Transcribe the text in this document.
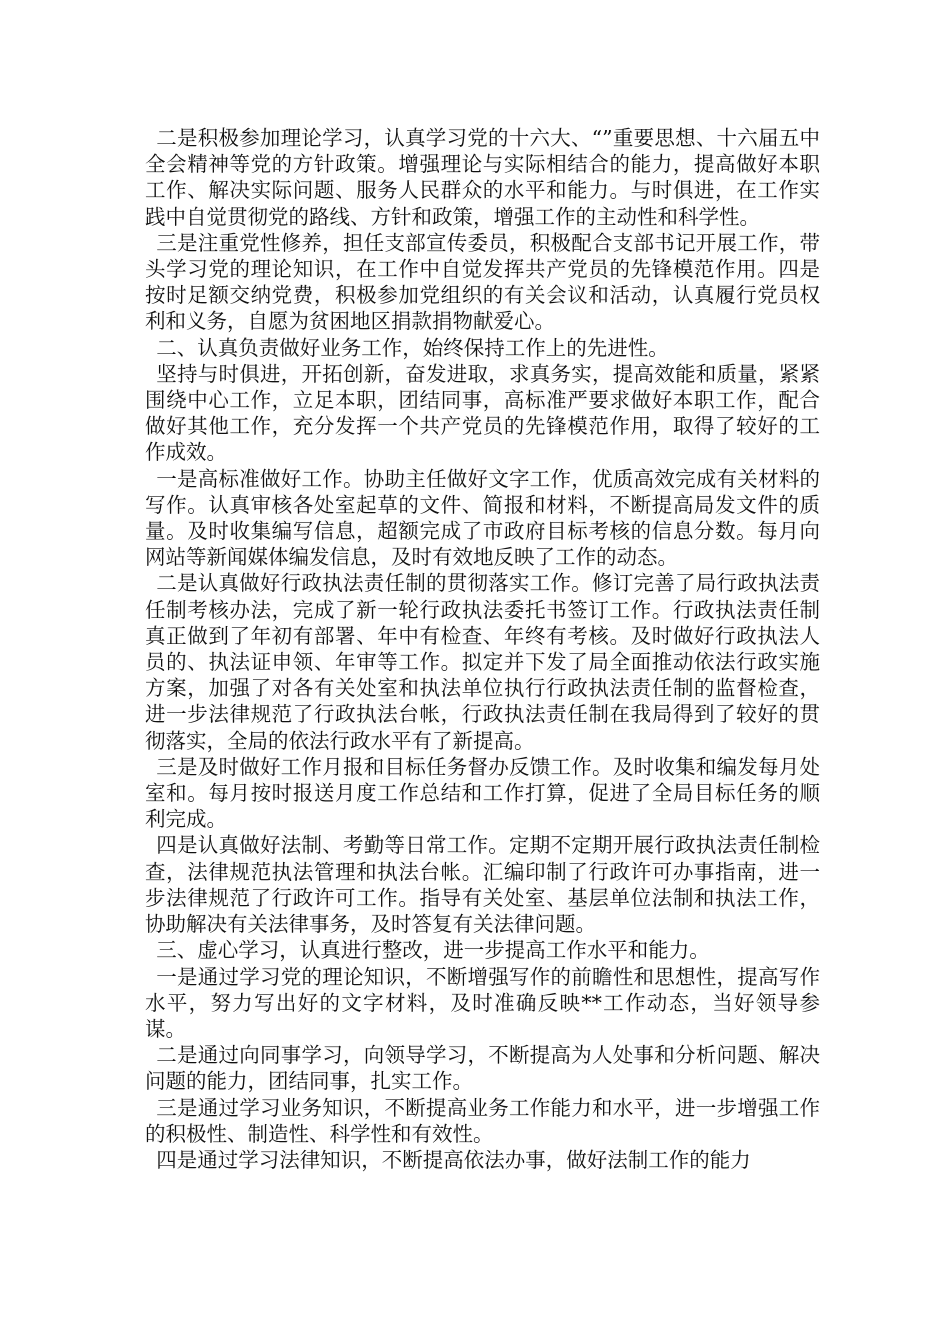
二是积极参加理论学习，认真学习党的十六大、“”重要思想、十六届五中全会精神等党的方针政策。增强理论与实际相结合的能力，提高做好本职工作、解决实际问题、服务人民群众的水平和能力。与时俱进，在工作实践中自觉贯彻党的路线、方针和政策，增强工作的主动性和科学性。

三是注重党性修养，担任支部宣传委员，积极配合支部书记开展工作，带头学习党的理论知识，在工作中自觉发挥共产党员的先锋模范作用。四是按时足额交纳党费，积极参加党组织的有关会议和活动，认真履行党员权利和义务，自愿为贫困地区捐款捐物献爱心。

二、认真负责做好业务工作，始终保持工作上的先进性。

坚持与时俱进，开拓创新，奋发进取，求真务实，提高效能和质量，紧紧围绕中心工作，立足本职，团结同事，高标准严要求做好本职工作，配合做好其他工作，充分发挥一个共产党员的先锋模范作用，取得了较好的工作成效。

一是高标准做好工作。协助主任做好文字工作，优质高效完成有关材料的写作。认真审核各处室起草的文件、简报和材料，不断提高局发文件的质量。及时收集编写信息，超额完成了市政府目标考核的信息分数。每月向网站等新闻媒体编发信息，及时有效地反映了工作的动态。

二是认真做好行政执法责任制的贯彻落实工作。修订完善了局行政执法责任制考核办法，完成了新一轮行政执法委托书签订工作。行政执法责任制真正做到了年初有部署、年中有检查、年终有考核。及时做好行政执法人员的、执法证申领、年审等工作。拟定并下发了局全面推动依法行政实施方案，加强了对各有关处室和执法单位执行行政执法责任制的监督检查，进一步法律规范了行政执法台帐，行政执法责任制在我局得到了较好的贯彻落实，全局的依法行政水平有了新提高。

三是及时做好工作月报和目标任务督办反馈工作。及时收集和编发每月处室和。每月按时报送月度工作总结和工作打算，促进了全局目标任务的顺利完成。

四是认真做好法制、考勤等日常工作。定期不定期开展行政执法责任制检查，法律规范执法管理和执法台帐。汇编印制了行政许可办事指南，进一步法律规范了行政许可工作。指导有关处室、基层单位法制和执法工作，协助解决有关法律事务，及时答复有关法律问题。

三、虚心学习，认真进行整改，进一步提高工作水平和能力。

一是通过学习党的理论知识，不断增强写作的前瞻性和思想性，提高写作水平，努力写出好的文字材料，及时准确反映**工作动态，当好领导参谋。

二是通过向同事学习，向领导学习，不断提高为人处事和分析问题、解决问题的能力，团结同事，扎实工作。

三是通过学习业务知识，不断提高业务工作能力和水平，进一步增强工作的积极性、制造性、科学性和有效性。

四是通过学习法律知识，不断提高依法办事，做好法制工作的能力
